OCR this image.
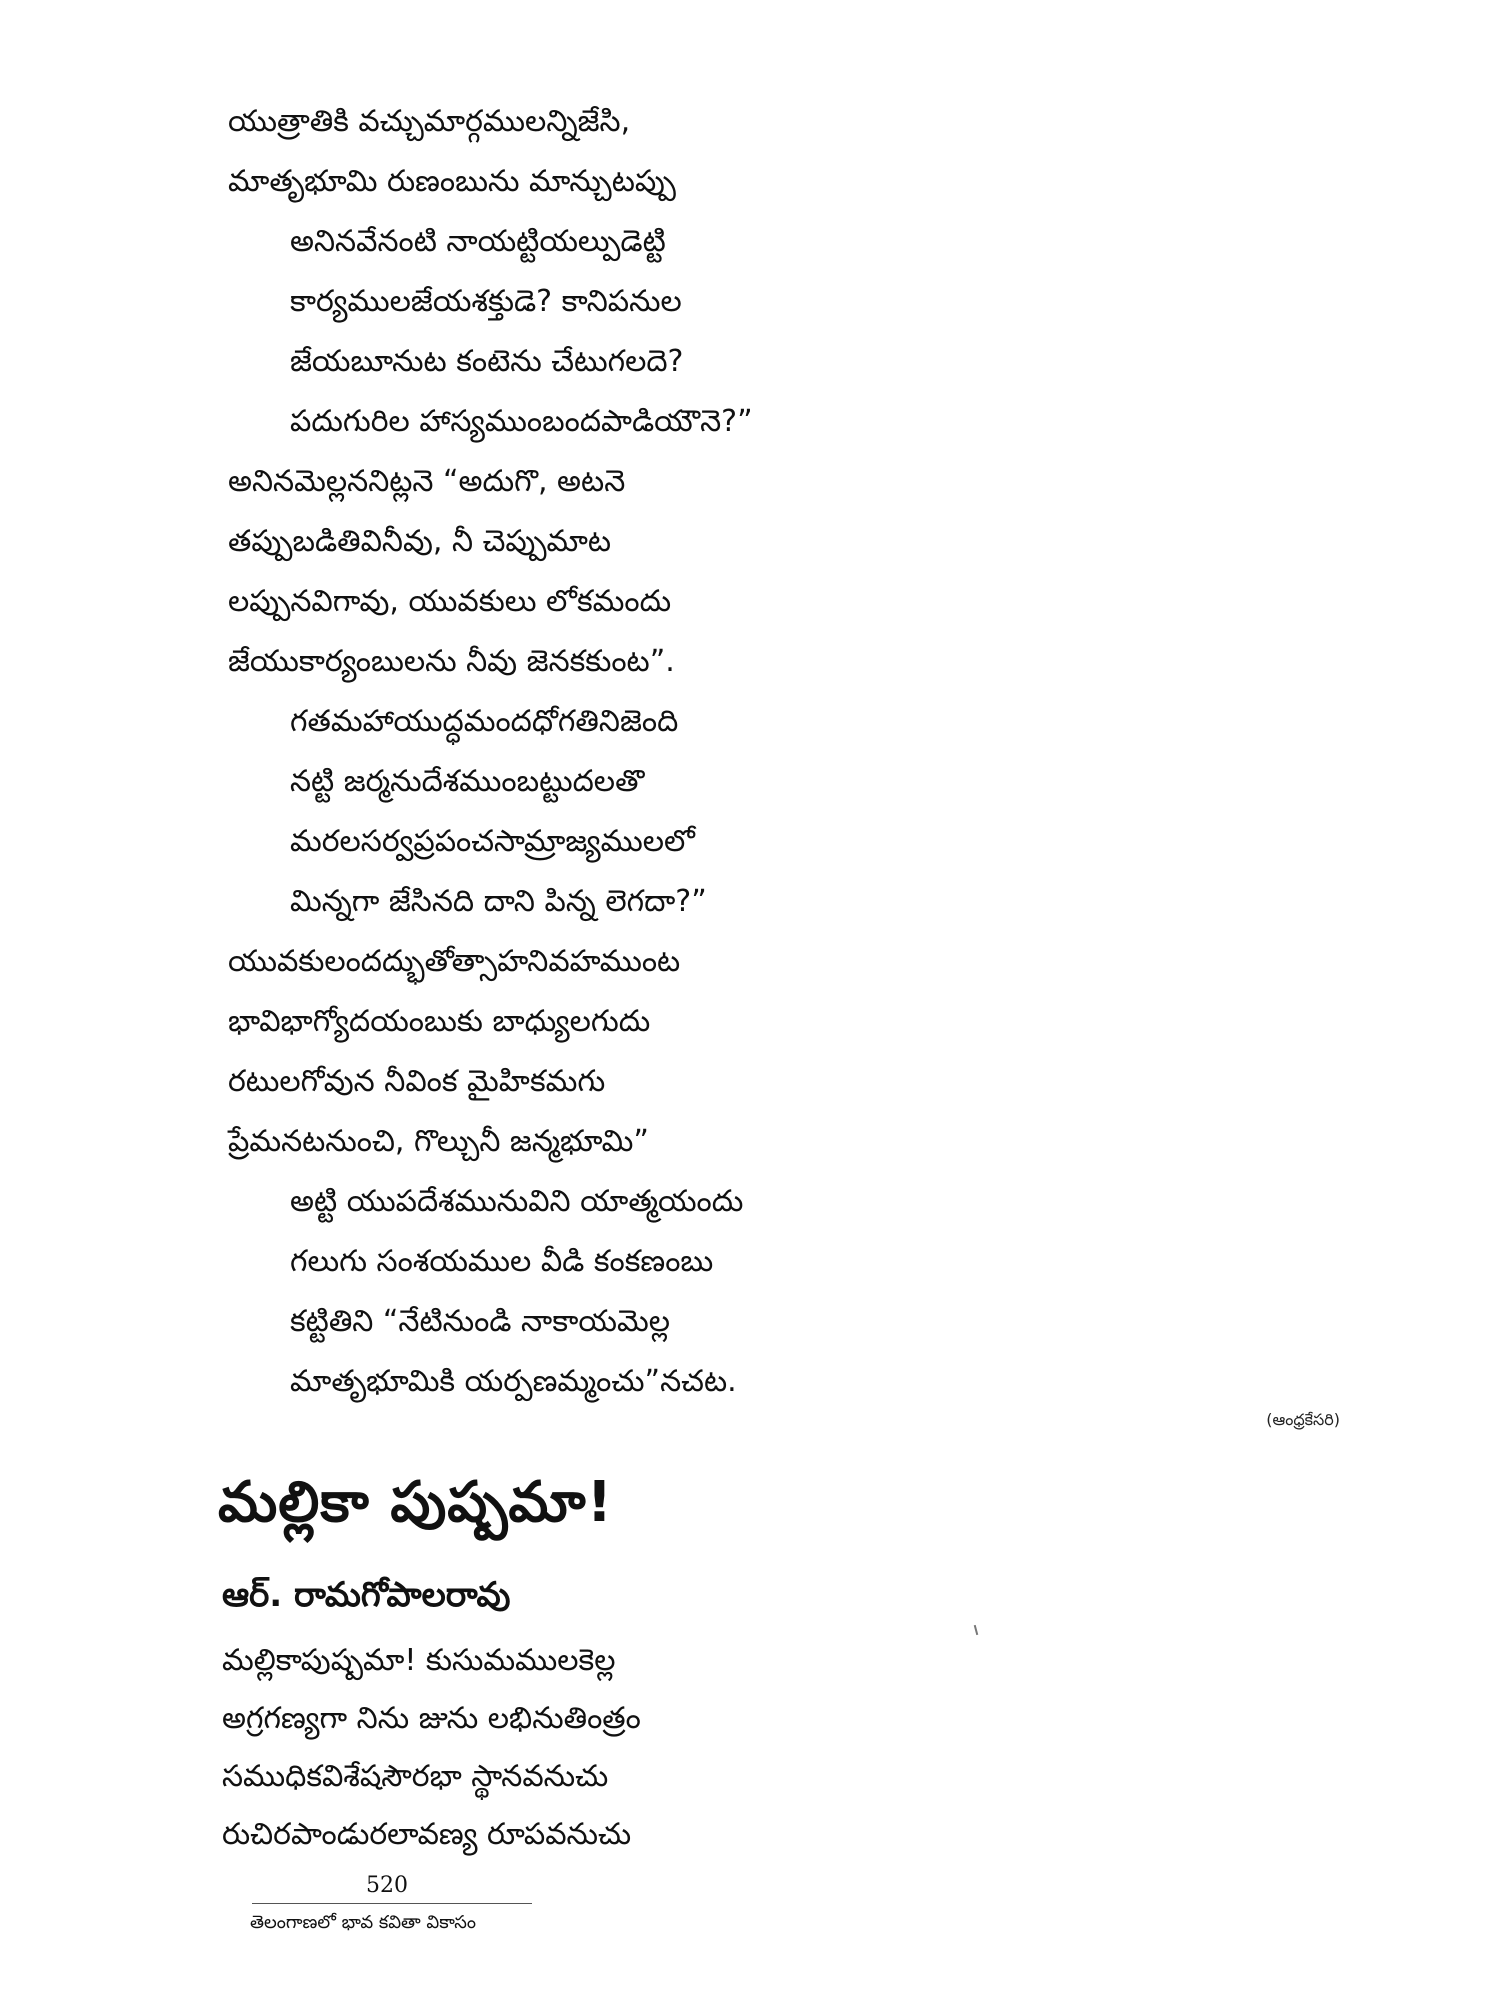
యుత్రాతికి వచ్చుమార్గములన్నిజేసి,
మాతృభూమి రుణంబును మాన్చుటప్పు
అనినవేనంటి నాయట్టియల్పుడెట్టి
కార్యములజేయశక్తుడె? కానిపనుల
జేయబూనుట కంటెను చేటుగలదె?
పదుగురిల హాస్యముంబందపాడియౌనె?”
అనినమెల్లననిట్లనె “అదుగొ, అటనె
తప్పుబడితివినీవు, నీ చెప్పుమాట
లప్పునవిగావు, యువకులు లోకమందు
జేయుకార్యంబులను నీవు జెనకకుంట”.
గతమహాయుద్ధమందధోగతినిజెంది
నట్టి జర్మనుదేశముంబట్టుదలతొ
మరలసర్వప్రపంచసామ్రాజ్యములలో
మిన్నగా జేసినది దాని పిన్న లెగదా?”
యువకులందద్భుతోత్సాహనివహముంట
భావిభాగ్యోదయంబుకు బాధ్యులగుదు
రటులగోవున నీవింక మైహికమగు
ప్రేమనటనుంచి, గొల్చునీ జన్మభూమి”
అట్టి యుపదేశమునువిని యాత్మయందు
గలుగు సంశయముల వీడి కంకణంబు
కట్టితిని “నేటినుండి నాకాయమెల్ల
మాతృభూమికి యర్పణమ్మంచు”నచట.
(ఆంధ్రకేసరి)
మల్లికా పుష్పమా!
ఆర్. రామగోపాలరావు
మల్లికాపుష్పమా! కుసుమములకెల్ల
అగ్రగణ్యగా నిను జును లభినుతింత్రం
సముధికవిశేషసౌరభా స్థానవనుచు
రుచిరపాండురలావణ్య రూపవనుచు
520
తెలంగాణలో భావ కవితా వికాసం
